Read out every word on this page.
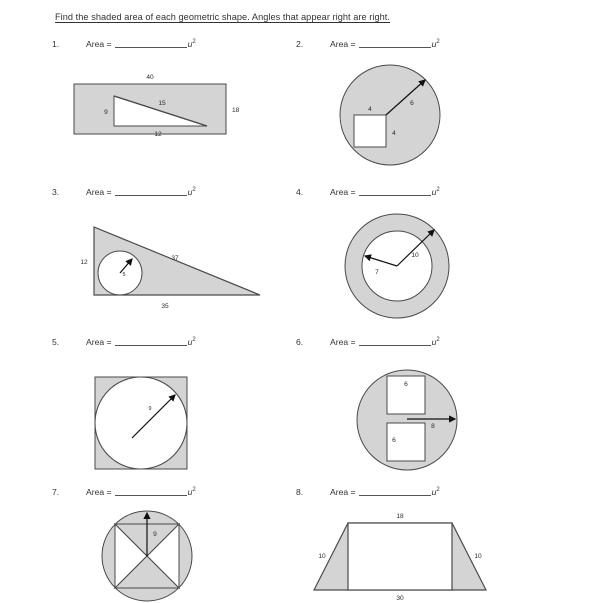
Find the shaded area of each geometric shape. Angles that appear right are right.
1.	Area =	$u^2$	2.	Area =	$u^2$
3.	Area =	$u^2$	4.	Area =	$u^2$
5.	Area =	$u^2$	6.	Area =	$u^2$
7.	Area =	$u^2$	8.	Area =	$u^2$
40
18
9
15
12
6
4
4
5
12
37
35
10
7
9
6
6
8
9
18
30
10	10
